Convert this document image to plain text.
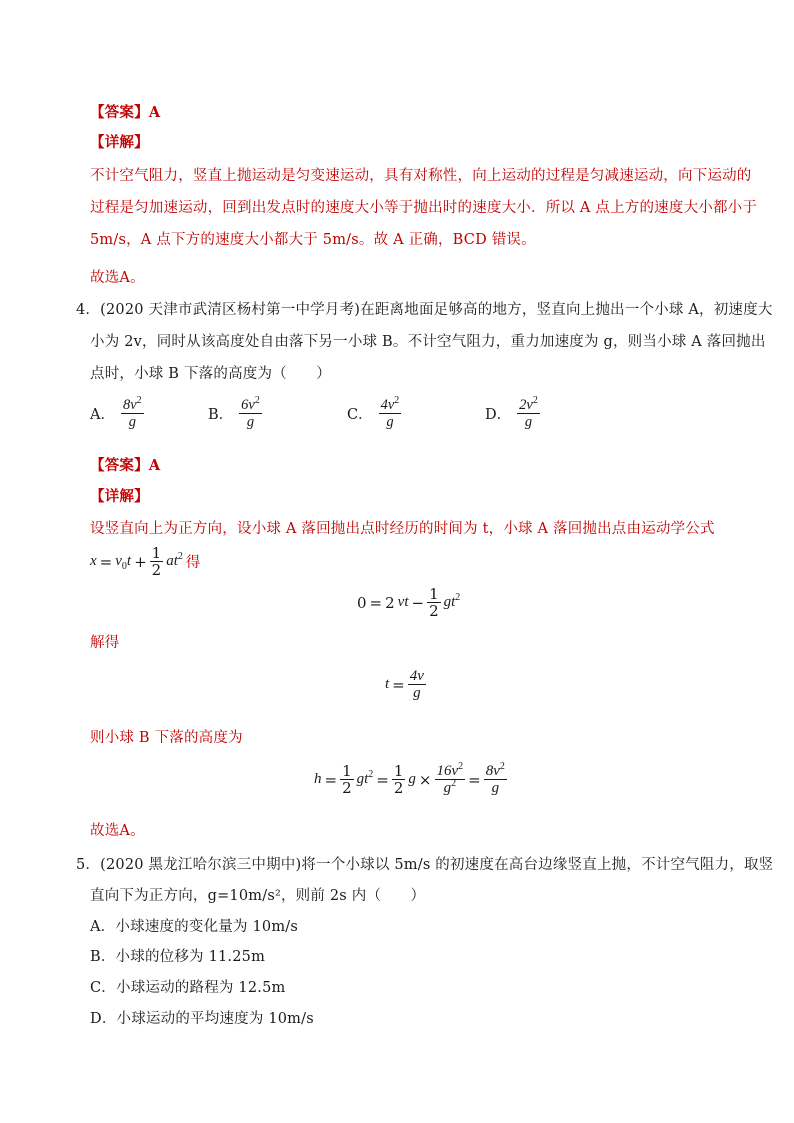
【答案】A
【详解】
不计空气阻力，竖直上抛运动是匀变速运动，具有对称性，向上运动的过程是匀减速运动，向下运动的
过程是匀加速运动，回到出发点时的速度大小等于抛出时的速度大小．所以 A 点上方的速度大小都小于
5m/s，A 点下方的速度大小都大于 5m/s。故 A 正确，BCD 错误。
故选A。
4．(2020 天津市武清区杨村第一中学月考)在距离地面足够高的地方，竖直向上抛出一个小球 A，初速度大
小为 2v，同时从该高度处自由落下另一小球 B。不计空气阻力，重力加速度为 g，则当小球 A 落回抛出
点时，小球 B 下落的高度为（　　）
A． $\frac{8v^2}{g}$	B． $\frac{6v^2}{g}$	C． $\frac{4v^2}{g}$	D． $\frac{2v^2}{g}$
【答案】A
【详解】
设竖直向上为正方向，设小球 A 落回抛出点时经历的时间为 t，小球 A 落回抛出点由运动学公式
$x = v_0t + \frac{1}{2} at^2$ 得
0 = 2 vt − $\frac{1}{2} gt^2$
解得
$t = \frac{4v}{g}$
则小球 B 下落的高度为
$h = \frac{1}{2} gt^2 = \frac{1}{2}$ $g \times \frac{16v^2}{g^2} = \frac{8v^2}{g}$
故选A。
5．(2020 黑龙江哈尔滨三中期中)将一个小球以 5m/s 的初速度在高台边缘竖直上抛，不计空气阻力，取竖
直向下为正方向，g=10m/s²，则前 2s 内（　　）
A．小球速度的变化量为 10m/s
B．小球的位移为 11.25m
C．小球运动的路程为 12.5m
D．小球运动的平均速度为 10m/s
